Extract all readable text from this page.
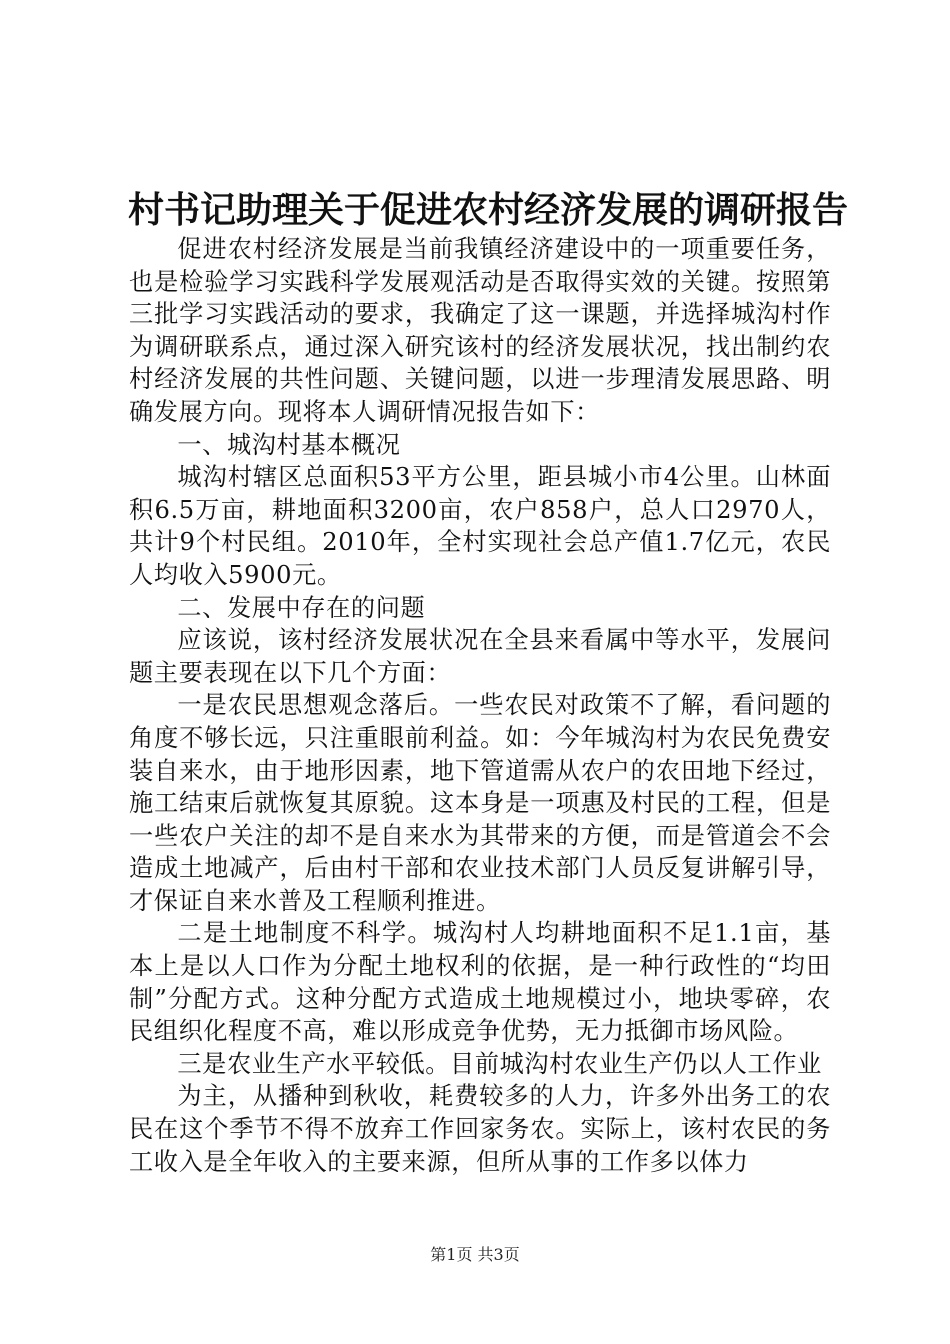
村书记助理关于促进农村经济发展的调研报告

促进农村经济发展是当前我镇经济建设中的一项重要任务，也是检验学习实践科学发展观活动是否取得实效的关键。按照第三批学习实践活动的要求，我确定了这一课题，并选择城沟村作为调研联系点，通过深入研究该村的经济发展状况，找出制约农村经济发展的共性问题、关键问题，以进一步理清发展思路、明确发展方向。现将本人调研情况报告如下：

一、城沟村基本概况

城沟村辖区总面积53平方公里，距县城小市4公里。山林面积6.5万亩，耕地面积3200亩，农户858户，总人口2970人，共计9个村民组。2010年，全村实现社会总产值1.7亿元，农民人均收入5900元。

二、发展中存在的问题

应该说，该村经济发展状况在全县来看属中等水平，发展问题主要表现在以下几个方面：

一是农民思想观念落后。一些农民对政策不了解，看问题的角度不够长远，只注重眼前利益。如：今年城沟村为农民免费安装自来水，由于地形因素，地下管道需从农户的农田地下经过，施工结束后就恢复其原貌。这本身是一项惠及村民的工程，但是一些农户关注的却不是自来水为其带来的方便，而是管道会不会造成土地减产，后由村干部和农业技术部门人员反复讲解引导，才保证自来水普及工程顺利推进。

二是土地制度不科学。城沟村人均耕地面积不足1.1亩，基本上是以人口作为分配土地权利的依据，是一种行政性的“均田制”分配方式。这种分配方式造成土地规模过小，地块零碎，农民组织化程度不高，难以形成竞争优势，无力抵御市场风险。

三是农业生产水平较低。目前城沟村农业生产仍以人工作业

为主，从播种到秋收，耗费较多的人力，许多外出务工的农民在这个季节不得不放弃工作回家务农。实际上，该村农民的务工收入是全年收入的主要来源，但所从事的工作多以体力

第1页 共3页
